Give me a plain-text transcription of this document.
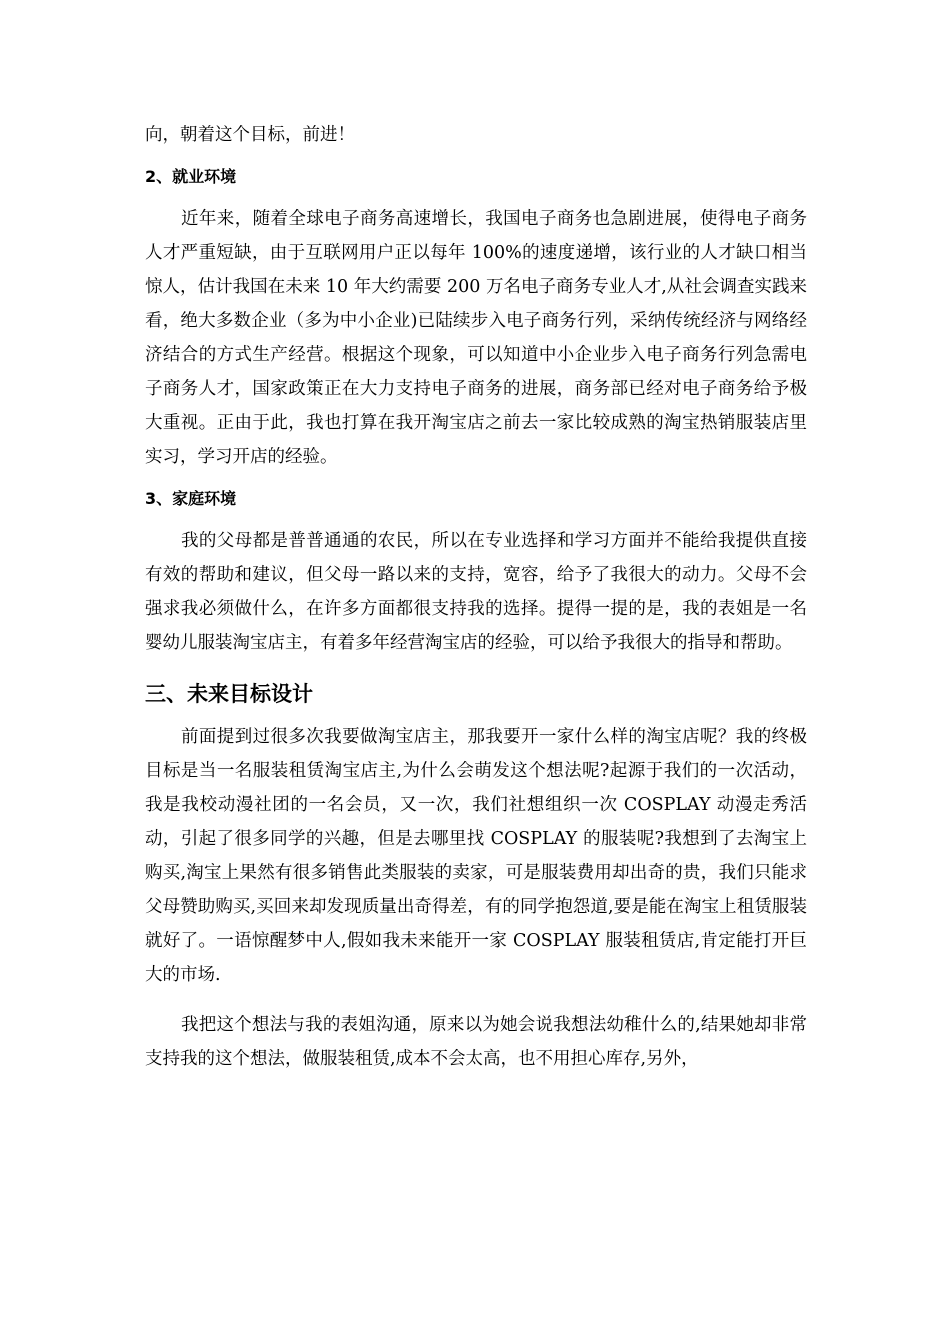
向，朝着这个目标，前进！

2、就业环境

近年来，随着全球电子商务高速增长，我国电子商务也急剧进展，使得电子商务人才严重短缺，由于互联网用户正以每年 100%的速度递增，该行业的人才缺口相当惊人，估计我国在未来 10 年大约需要 200 万名电子商务专业人才,从社会调查实践来看，绝大多数企业（多为中小企业)已陆续步入电子商务行列，采纳传统经济与网络经济结合的方式生产经营。根据这个现象，可以知道中小企业步入电子商务行列急需电子商务人才，国家政策正在大力支持电子商务的进展，商务部已经对电子商务给予极大重视。正由于此，我也打算在我开淘宝店之前去一家比较成熟的淘宝热销服装店里实习，学习开店的经验。

3、家庭环境

我的父母都是普普通通的农民，所以在专业选择和学习方面并不能给我提供直接有效的帮助和建议，但父母一路以来的支持，宽容，给予了我很大的动力。父母不会强求我必须做什么，在许多方面都很支持我的选择。提得一提的是，我的表姐是一名婴幼儿服装淘宝店主，有着多年经营淘宝店的经验，可以给予我很大的指导和帮助。

三、未来目标设计

前面提到过很多次我要做淘宝店主，那我要开一家什么样的淘宝店呢？我的终极目标是当一名服装租赁淘宝店主,为什么会萌发这个想法呢?起源于我们的一次活动，我是我校动漫社团的一名会员，又一次，我们社想组织一次 COSPLAY 动漫走秀活动，引起了很多同学的兴趣，但是去哪里找 COSPLAY 的服装呢?我想到了去淘宝上购买,淘宝上果然有很多销售此类服装的卖家，可是服装费用却出奇的贵，我们只能求父母赞助购买,买回来却发现质量出奇得差，有的同学抱怨道,要是能在淘宝上租赁服装就好了。一语惊醒梦中人,假如我未来能开一家 COSPLAY 服装租赁店,肯定能打开巨大的市场.

我把这个想法与我的表姐沟通，原来以为她会说我想法幼稚什么的,结果她却非常支持我的这个想法，做服装租赁,成本不会太高，也不用担心库存,另外，
